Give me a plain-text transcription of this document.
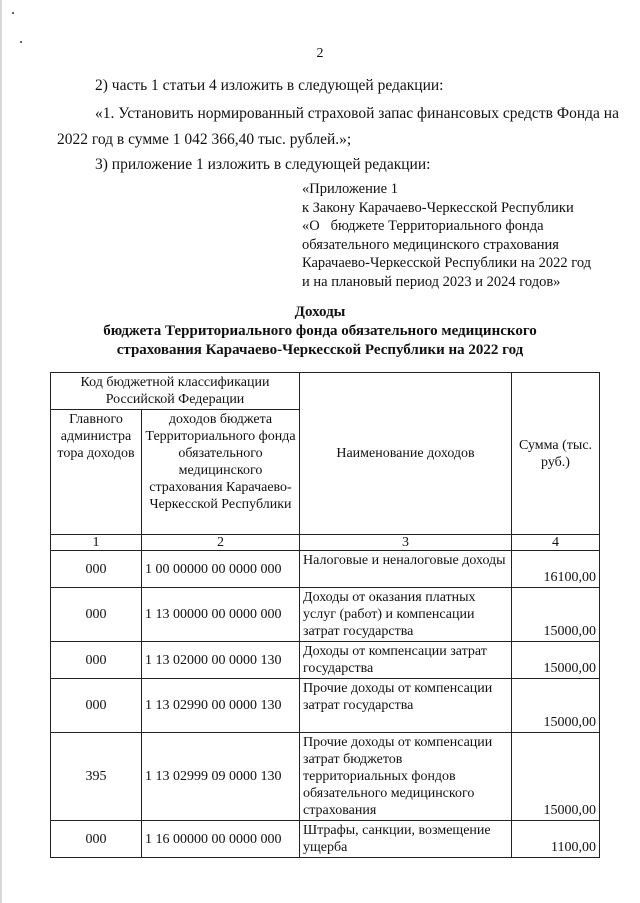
2
2) часть 1 статьи 4 изложить в следующей редакции:
«1. Установить нормированный страховой запас финансовых средств Фонда на
2022 год в сумме 1 042 366,40 тыс. рублей.»;
3) приложение 1 изложить в следующей редакции:
«Приложение 1
к Закону Карачаево-Черкесской Республики
«О   бюджете Территориального фонда
обязательного медицинского страхования
Карачаево-Черкесской Республики на 2022 год
и на плановый период 2023 и 2024 годов»
Доходы
бюджета Территориального фонда обязательного медицинского
страхования Карачаево-Черкесской Республики на 2022 год
Код бюджетной классификации Российской Федерации		Наименование доходов	Сумма (тыс. руб.)
Главного администра тора доходов	доходов бюджета Территориального фонда обязательного медицинского страхования Карачаево-Черкесской Республики		
1	2	3	4
000	1 00 00000 00 0000 000	Налоговые и неналоговые доходы	16100,00
000	1 13 00000 00 0000 000	Доходы от оказания платных услуг (работ) и компенсации затрат государства	15000,00
000	1 13 02000 00 0000 130	Доходы от компенсации затрат государства	15000,00
000	1 13 02990 00 0000 130	Прочие доходы от компенсации затрат государства	15000,00
395	1 13 02999 09 0000 130	Прочие доходы от компенсации затрат бюджетов территориальных фондов обязательного медицинского страхования	15000,00
000	1 16 00000 00 0000 000	Штрафы, санкции, возмещение ущерба	1100,00
